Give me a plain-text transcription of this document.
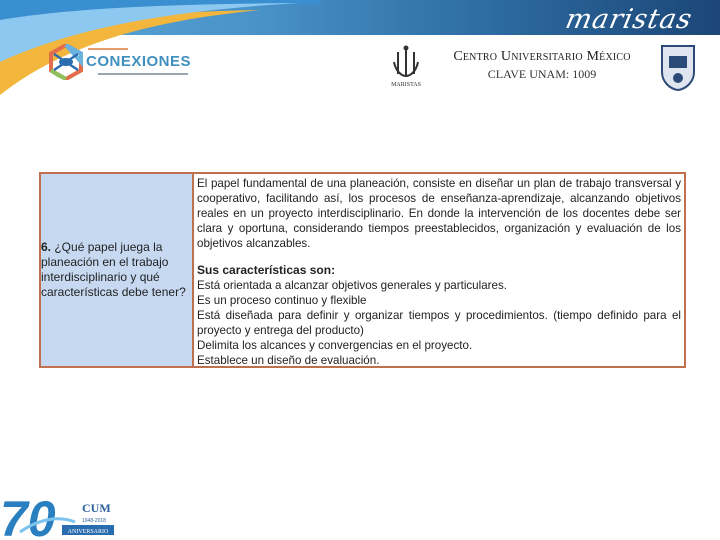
maristas
CONEXIONES
MARISTAS
Centro Universitario México
CLAVE UNAM: 1009
6. ¿Qué papel juega la planeación en el trabajo interdisciplinario y qué características debe tener?

El papel fundamental de una planeación, consiste en diseñar un plan de trabajo transversal y cooperativo, facilitando así, los procesos de enseñanza-aprendizaje, alcanzando objetivos reales en un proyecto interdisciplinario. En donde la intervención de los docentes debe ser clara y oportuna, considerando tiempos preestablecidos, organización y evaluación de los objetivos alcanzables.

Sus características son:

Está orientada a alcanzar objetivos generales y particulares.

Es un proceso continuo y flexible

Está diseñada para definir y organizar tiempos y procedimientos. (tiempo definido para el proyecto y entrega del producto)

Delimita los alcances y convergencias en el proyecto.

Establece un diseño de evaluación.

70 CUM
1948-2018
ANIVERSARIO
